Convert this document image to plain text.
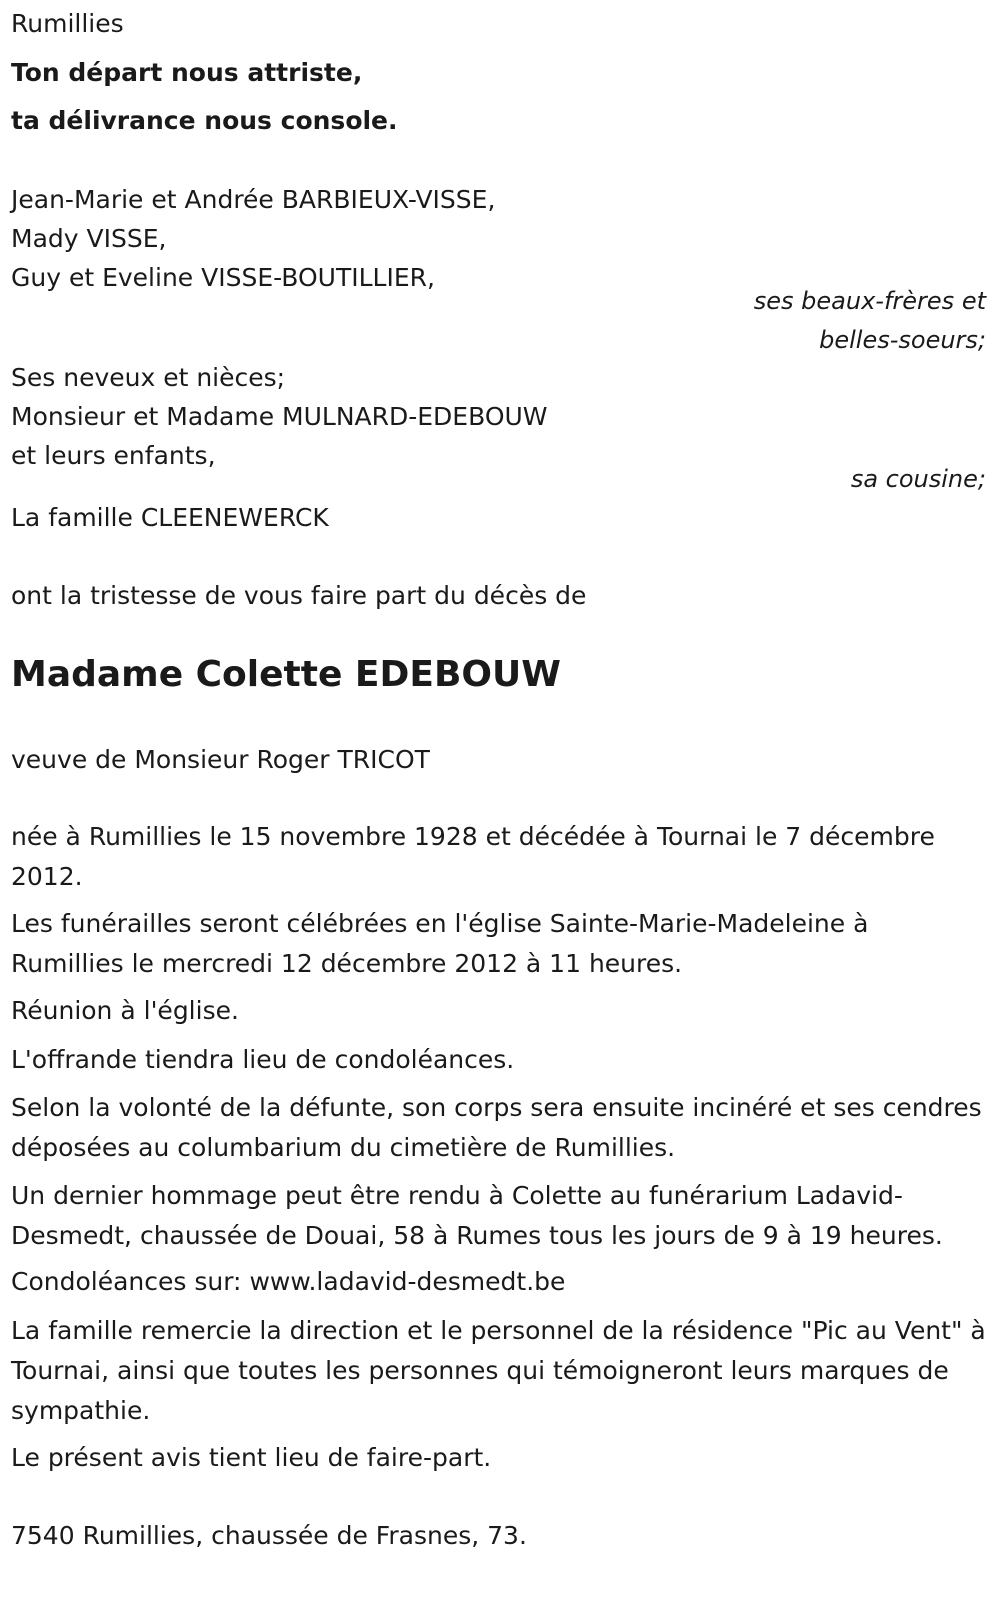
Rumillies
Ton départ nous attriste,
ta délivrance nous console.
Jean-Marie et Andrée BARBIEUX-VISSE,
Mady VISSE,
Guy et Eveline VISSE-BOUTILLIER,
ses beaux-frères et
belles-soeurs;
Ses neveux et nièces;
Monsieur et Madame MULNARD-EDEBOUW
et leurs enfants,
sa cousine;
La famille CLEENEWERCK
ont la tristesse de vous faire part du décès de
Madame Colette EDEBOUW
veuve de Monsieur Roger TRICOT
née à Rumillies le 15 novembre 1928 et décédée à Tournai le 7 décembre 2012.
Les funérailles seront célébrées en l'église Sainte-Marie-Madeleine à Rumillies le mercredi 12 décembre 2012 à 11 heures.
Réunion à l'église.
L'offrande tiendra lieu de condoléances.
Selon la volonté de la défunte, son corps sera ensuite incinéré et ses cendres déposées au columbarium du cimetière de Rumillies.
Un dernier hommage peut être rendu à Colette au funérarium Ladavid-Desmedt, chaussée de Douai, 58 à Rumes tous les jours de 9 à 19 heures.
Condoléances sur: www.ladavid-desmedt.be
La famille remercie la direction et le personnel de la résidence "Pic au Vent" à Tournai, ainsi que toutes les personnes qui témoigneront leurs marques de sympathie.
Le présent avis tient lieu de faire-part.
7540 Rumillies, chaussée de Frasnes, 73.
